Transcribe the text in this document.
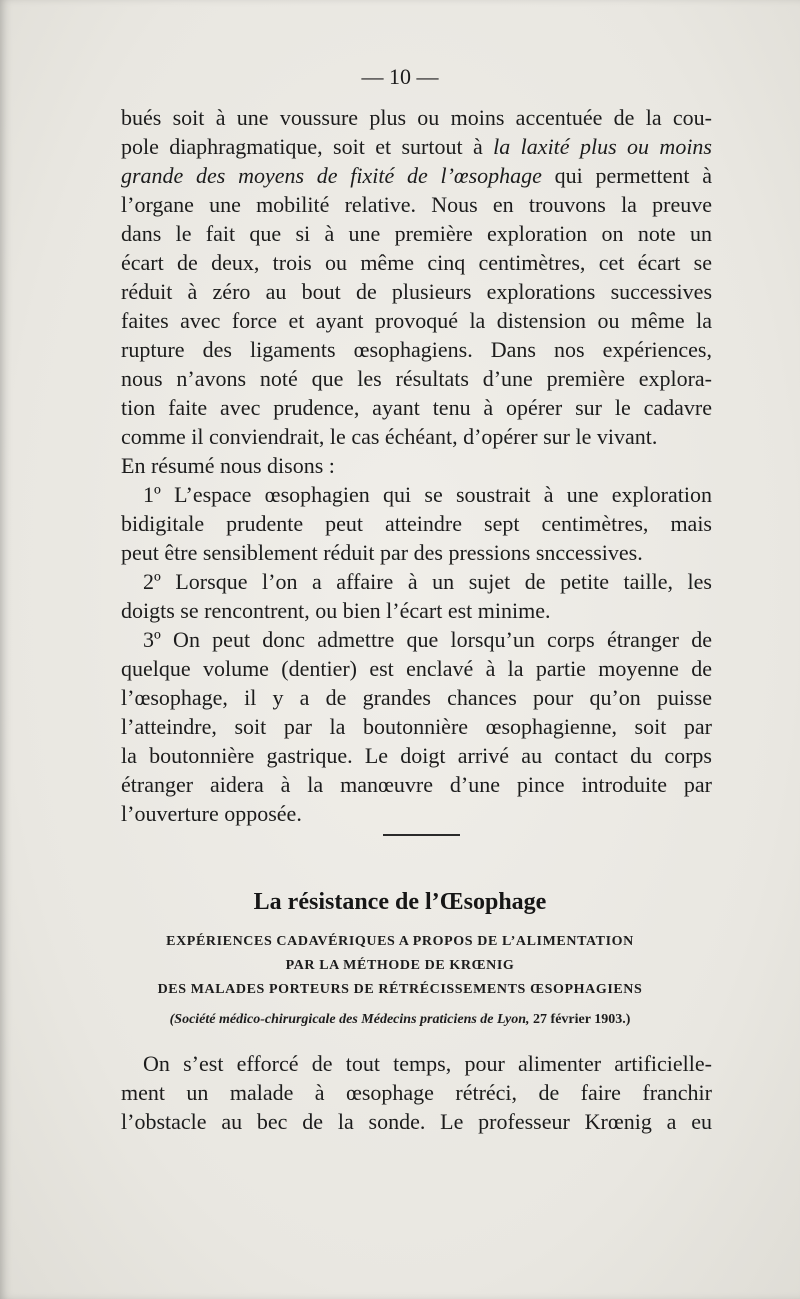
— 10 —
bués soit à une voussure plus ou moins accentuée de la cou-
pole diaphragmatique, soit et surtout à la laxité plus ou moins
grande des moyens de fixité de l’œsophage qui permettent à
l’organe une mobilité relative. Nous en trouvons la preuve
dans le fait que si à une première exploration on note un
écart de deux, trois ou même cinq centimètres, cet écart se
réduit à zéro au bout de plusieurs explorations successives
faites avec force et ayant provoqué la distension ou même la
rupture des ligaments œsophagiens. Dans nos expériences,
nous n’avons noté que les résultats d’une première explora-
tion faite avec prudence, ayant tenu à opérer sur le cadavre
comme il conviendrait, le cas échéant, d’opérer sur le vivant.
En résumé nous disons :
1º L’espace œsophagien qui se soustrait à une exploration
bidigitale prudente peut atteindre sept centimètres, mais
peut être sensiblement réduit par des pressions snccessives.
2º Lorsque l’on a affaire à un sujet de petite taille, les
doigts se rencontrent, ou bien l’écart est minime.
3º On peut donc admettre que lorsqu’un corps étranger de
quelque volume (dentier) est enclavé à la partie moyenne de
l’œsophage, il y a de grandes chances pour qu’on puisse
l’atteindre, soit par la boutonnière œsophagienne, soit par
la boutonnière gastrique. Le doigt arrivé au contact du corps
étranger aidera à la manœuvre d’une pince introduite par
l’ouverture opposée.
La résistance de l’Œsophage
EXPÉRIENCES CADAVÉRIQUES A PROPOS DE L’ALIMENTATION
PAR LA MÉTHODE DE KRŒNIG
DES MALADES PORTEURS DE RÉTRÉCISSEMENTS ŒSOPHAGIENS
(Société médico-chirurgicale des Médecins praticiens de Lyon, 27 février 1903.)
On s’est efforcé de tout temps, pour alimenter artificielle-
ment un malade à œsophage rétréci, de faire franchir
l’obstacle au bec de la sonde. Le professeur Krœnig a eu
